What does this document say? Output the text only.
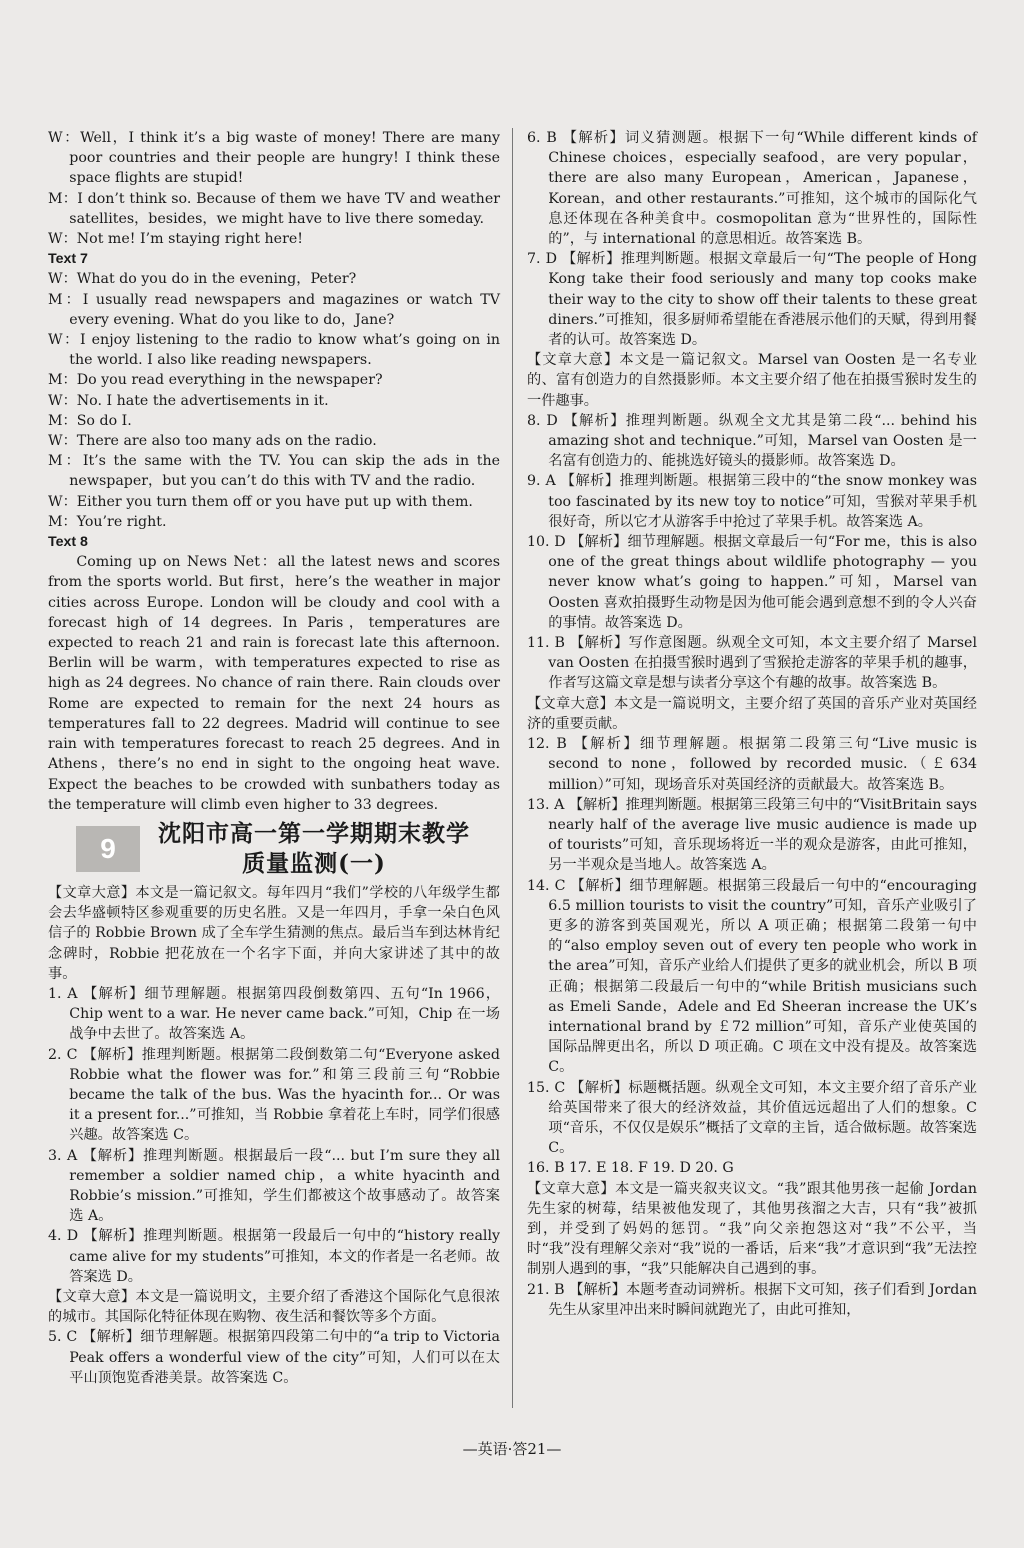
W：Well，I think it’s a big waste of money! There are many poor countries and their people are hungry! I think these space flights are stupid!

M：I don’t think so. Because of them we have TV and weather satellites，besides，we might have to live there someday.

W：Not me! I’m staying right here!

Text 7

W：What do you do in the evening，Peter?

M：I usually read newspapers and magazines or watch TV every evening. What do you like to do，Jane?

W：I enjoy listening to the radio to know what’s going on in the world. I also like reading newspapers.

M：Do you read everything in the newspaper?

W：No. I hate the advertisements in it.

M：So do I.

W：There are also too many ads on the radio.

M：It’s the same with the TV. You can skip the ads in the newspaper，but you can’t do this with TV and the radio.

W：Either you turn them off or you have put up with them.

M：You’re right.

Text 8

Coming up on News Net：all the latest news and scores from the sports world. But first，here’s the weather in major cities across Europe. London will be cloudy and cool with a forecast high of 14 degrees. In Paris，temperatures are expected to reach 21 and rain is forecast late this afternoon. Berlin will be warm，with temperatures expected to rise as high as 24 degrees. No chance of rain there. Rain clouds over Rome are expected to remain for the next 24 hours as temperatures fall to 22 degrees. Madrid will continue to see rain with temperatures forecast to reach 25 degrees. And in Athens，there’s no end in sight to the ongoing heat wave. Expect the beaches to be crowded with sunbathers today as the temperature will climb even higher to 33 degrees.

9	沈阳市高一第一学期期末教学
质量监测(一)

【文章大意】本文是一篇记叙文。每年四月“我们”学校的八年级学生都会去华盛顿特区参观重要的历史名胜。又是一年四月，手拿一朵白色风信子的 Robbie Brown 成了全车学生猜测的焦点。最后当车到达林肯纪念碑时，Robbie 把花放在一个名字下面，并向大家讲述了其中的故事。

1. A 【解析】细节理解题。根据第四段倒数第四、五句“In 1966，Chip went to a war. He never came back.”可知，Chip 在一场战争中去世了。故答案选 A。

2. C 【解析】推理判断题。根据第二段倒数第二句“Everyone asked Robbie what the flower was for.”和第三段前三句“Robbie became the talk of the bus. Was the hyacinth for... Or was it a present for...”可推知，当 Robbie 拿着花上车时，同学们很感兴趣。故答案选 C。

3. A 【解析】推理判断题。根据最后一段“... but I’m sure they all remember a soldier named chip，a white hyacinth and Robbie’s mission.”可推知，学生们都被这个故事感动了。故答案选 A。

4. D 【解析】推理判断题。根据第一段最后一句中的“history really came alive for my students”可推知，本文的作者是一名老师。故答案选 D。

【文章大意】本文是一篇说明文，主要介绍了香港这个国际化气息很浓的城市。其国际化特征体现在购物、夜生活和餐饮等多个方面。

5. C 【解析】细节理解题。根据第四段第二句中的“a trip to Victoria Peak offers a wonderful view of the city”可知，人们可以在太平山顶饱览香港美景。故答案选 C。

6. B 【解析】词义猜测题。根据下一句“While different kinds of Chinese choices，especially seafood，are very popular，there are also many European，American，Japanese，Korean，and other restaurants.”可推知，这个城市的国际化气息还体现在各种美食中。cosmopolitan 意为“世界性的，国际性的”，与 international 的意思相近。故答案选 B。

7. D 【解析】推理判断题。根据文章最后一句“The people of Hong Kong take their food seriously and many top cooks make their way to the city to show off their talents to these great diners.”可推知，很多厨师希望能在香港展示他们的天赋，得到用餐者的认可。故答案选 D。

【文章大意】本文是一篇记叙文。Marsel van Oosten 是一名专业的、富有创造力的自然摄影师。本文主要介绍了他在拍摄雪猴时发生的一件趣事。

8. D 【解析】推理判断题。纵观全文尤其是第二段“... behind his amazing shot and technique.”可知，Marsel van Oosten 是一名富有创造力的、能挑选好镜头的摄影师。故答案选 D。

9. A 【解析】推理判断题。根据第三段中的“the snow monkey was too fascinated by its new toy to notice”可知，雪猴对苹果手机很好奇，所以它才从游客手中抢过了苹果手机。故答案选 A。

10. D 【解析】细节理解题。根据文章最后一句“For me，this is also one of the great things about wildlife photography — you never know what’s going to happen.”可知，Marsel van Oosten 喜欢拍摄野生动物是因为他可能会遇到意想不到的令人兴奋的事情。故答案选 D。

11. B 【解析】写作意图题。纵观全文可知，本文主要介绍了 Marsel van Oosten 在拍摄雪猴时遇到了雪猴抢走游客的苹果手机的趣事，作者写这篇文章是想与读者分享这个有趣的故事。故答案选 B。

【文章大意】本文是一篇说明文，主要介绍了英国的音乐产业对英国经济的重要贡献。

12. B 【解析】细节理解题。根据第二段第三句“Live music is second to none，followed by recorded music.（￡634 million）”可知，现场音乐对英国经济的贡献最大。故答案选 B。

13. A 【解析】推理判断题。根据第三段第三句中的“VisitBritain says nearly half of the average live music audience is made up of tourists”可知，音乐现场将近一半的观众是游客，由此可推知，另一半观众是当地人。故答案选 A。

14. C 【解析】细节理解题。根据第三段最后一句中的“encouraging 6.5 million tourists to visit the country”可知，音乐产业吸引了更多的游客到英国观光，所以 A 项正确；根据第二段第一句中的“also employ seven out of every ten people who work in the area”可知，音乐产业给人们提供了更多的就业机会，所以 B 项正确；根据第二段最后一句中的“while British musicians such as Emeli Sande，Adele and Ed Sheeran increase the UK’s international brand by ￡72 million”可知，音乐产业使英国的国际品牌更出名，所以 D 项正确。C 项在文中没有提及。故答案选 C。

15. C 【解析】标题概括题。纵观全文可知，本文主要介绍了音乐产业给英国带来了很大的经济效益，其价值远远超出了人们的想象。C 项“音乐，不仅仅是娱乐”概括了文章的主旨，适合做标题。故答案选 C。

16. B 17. E 18. F 19. D 20. G

【文章大意】本文是一篇夹叙夹议文。“我”跟其他男孩一起偷 Jordan 先生家的树莓，结果被他发现了，其他男孩溜之大吉，只有“我”被抓到，并受到了妈妈的惩罚。“我”向父亲抱怨这对“我”不公平，当时“我”没有理解父亲对“我”说的一番话，后来“我”才意识到“我”无法控制别人遇到的事，“我”只能解决自己遇到的事。

21. B 【解析】本题考查动词辨析。根据下文可知，孩子们看到 Jordan 先生从家里冲出来时瞬间就跑光了，由此可推知，

—英语·答21—
